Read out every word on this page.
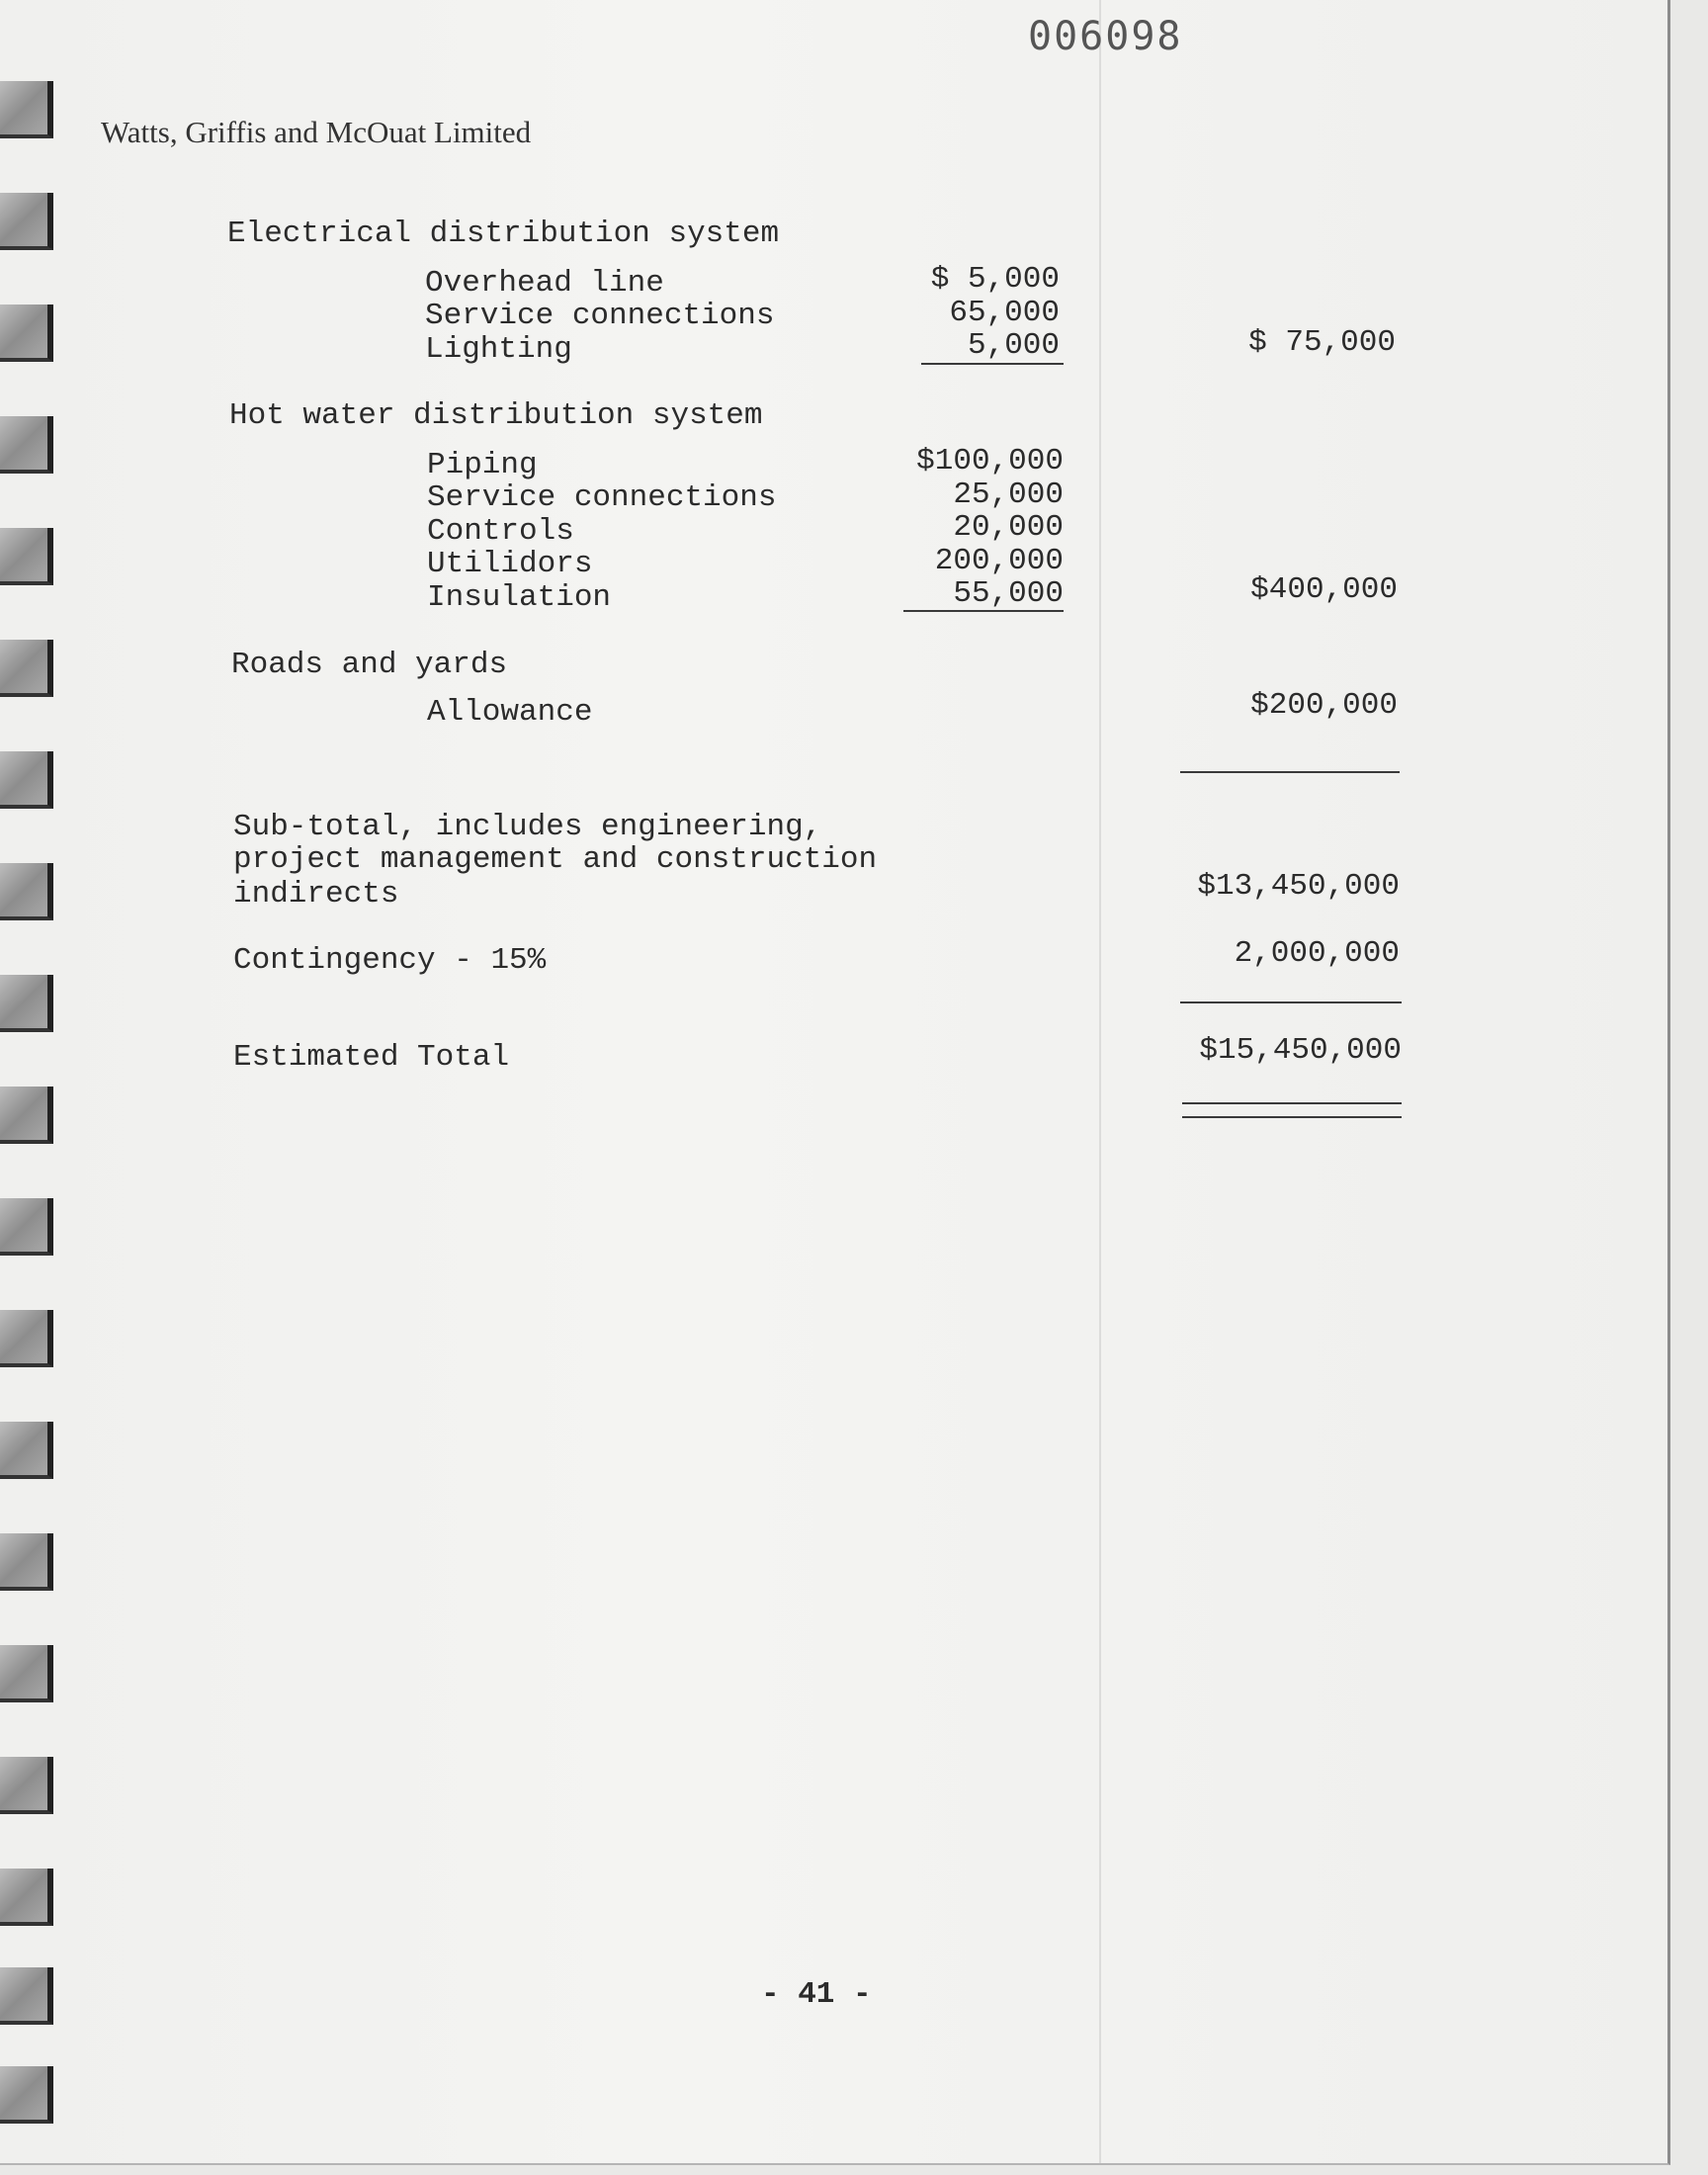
006098
Watts, Griffis and McOuat Limited
Electrical distribution system
Overhead line	$ 5,000
Service connections	65,000
Lighting	5,000	$ 75,000
Hot water distribution system
Piping	$100,000
Service connections	25,000
Controls	20,000
Utilidors	200,000
Insulation	55,000	$400,000
Roads and yards
Allowance	$200,000
Sub-total, includes engineering,
project management and construction
indirects	$13,450,000
Contingency - 15%	2,000,000
Estimated Total	$15,450,000
- 41 -
